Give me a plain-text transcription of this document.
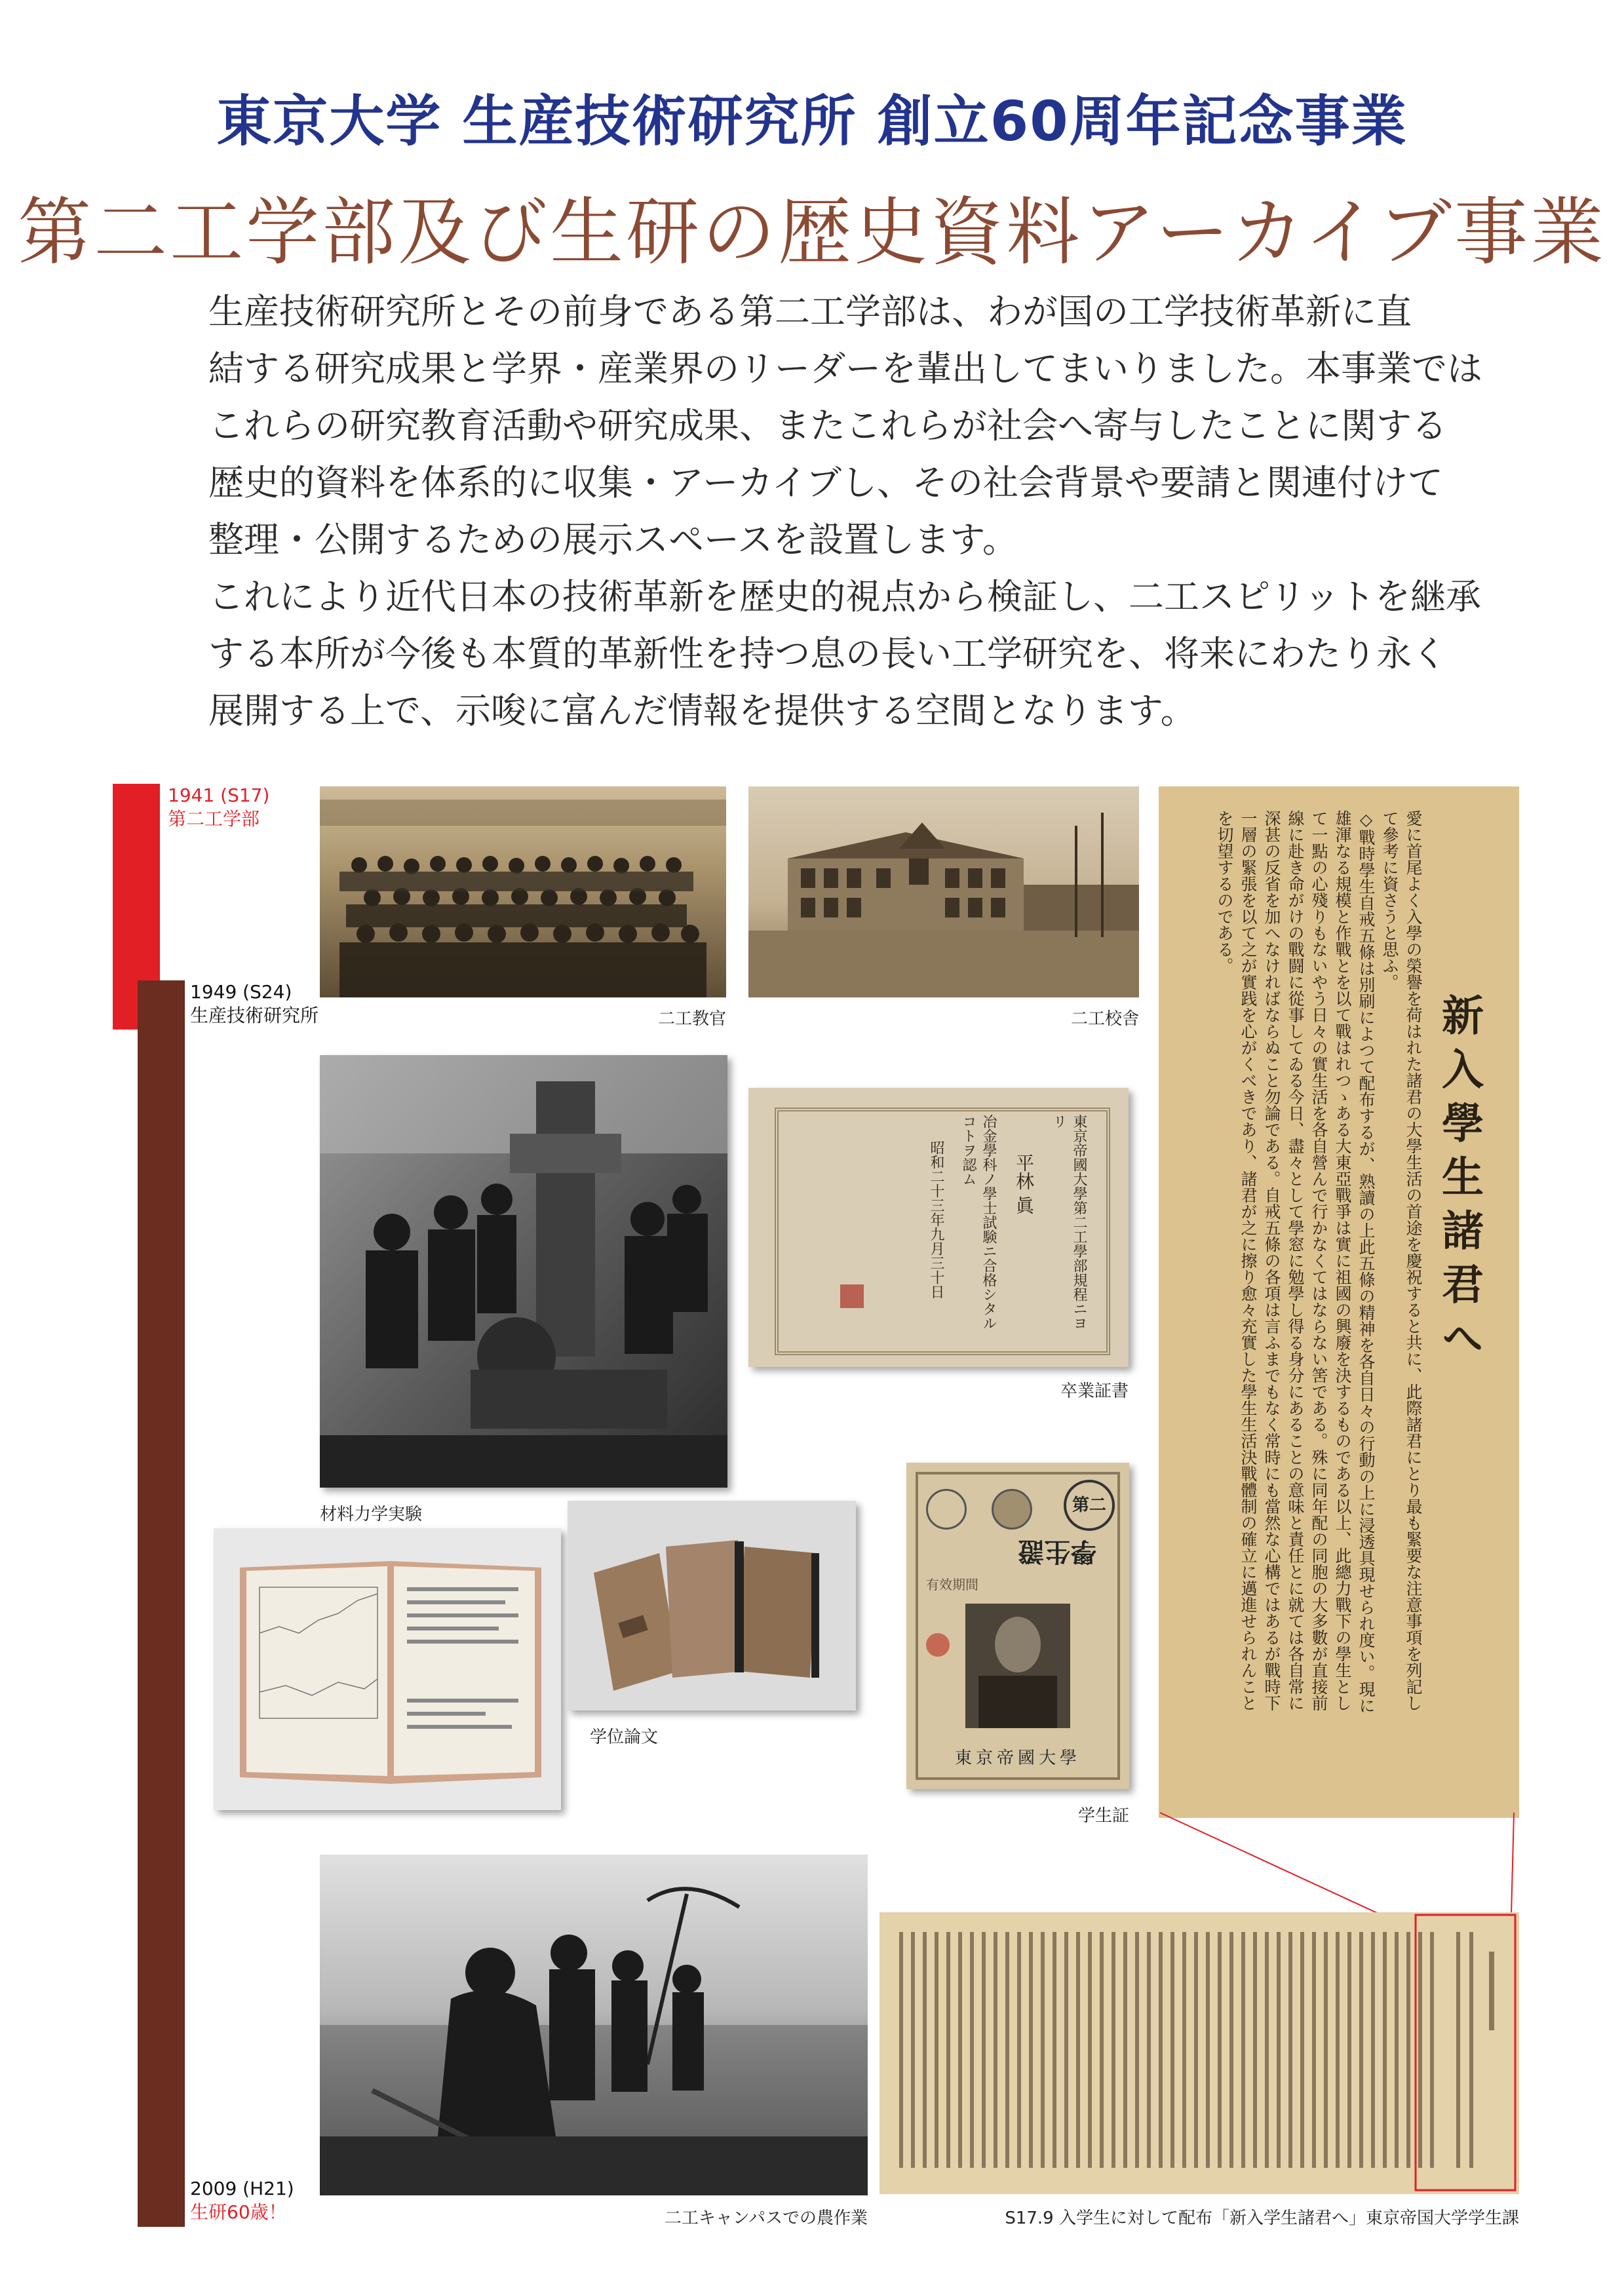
東京大学 生産技術研究所 創立60周年記念事業
第二工学部及び生研の歴史資料アーカイブ事業

生産技術研究所とその前身である第二工学部は、わが国の工学技術革新に直

結する研究成果と学界・産業界のリーダーを輩出してまいりました。本事業では

これらの研究教育活動や研究成果、またこれらが社会へ寄与したことに関する

歴史的資料を体系的に収集・アーカイブし、その社会背景や要請と関連付けて

整理・公開するための展示スペースを設置します。

これにより近代日本の技術革新を歴史的視点から検証し、二工スピリットを継承

する本所が今後も本質的革新性を持つ息の長い工学研究を、将来にわたり永く

展開する上で、示唆に富んだ情報を提供する空間となります。

1941 (S17)
第二工学部
1949 (S24)
生産技術研究所
2009 (H21)
生研60歳！
二工教官	二工校舎
材料力学実験
東京帝國大學第二工學部規程ニヨリ
平林 眞
冶金學科ノ學士試験ニ合格シタルコトヲ認ム
昭和二十三年九月三十日
卒業証書
学位論文
第二
學生證
有效期間
東京帝國大學
学生証
新入學生諸君へ
愛に首尾よく入學の榮譽を荷はれた諸君の大學生活の首途を慶祝すると共に、此際諸君にとり最も緊要な注意事項を列記し
て參考に資さうと思ふ。
◇戰時學生自戒五條は別刷によつて配布するが、熟讀の上此五條の精神を各自日々の行動の上に浸透具現せられ度い。現に
雄渾なる規模と作戰とを以て戰はれつゝある大東亞戰爭は實に祖國の興廢を決するものである以上、此總力戰下の學生とし
て一點の心殘りもないやう日々の實生活を各自營んで行かなくてはならない筈である。殊に同年配の同胞の大多數が直接前
線に赴き命がけの戰闘に從事してゐる今日、盡々として學窓に勉學し得る身分にあることの意味と責任とに就ては各自常に
深甚の反省を加へなければならぬこと勿論である。自戒五條の各項は言ふまでもなく常時にも當然な心構ではあるが戰時下
一層の緊張を以て之が實践を心がくべきであり、諸君が之に擦り愈々充實した學生生活決戰體制の確立に邁進せられんこと
を切望するのである。
二工キャンパスでの農作業	S17.9 入学生に対して配布「新入学生諸君へ」東京帝国大学学生課
